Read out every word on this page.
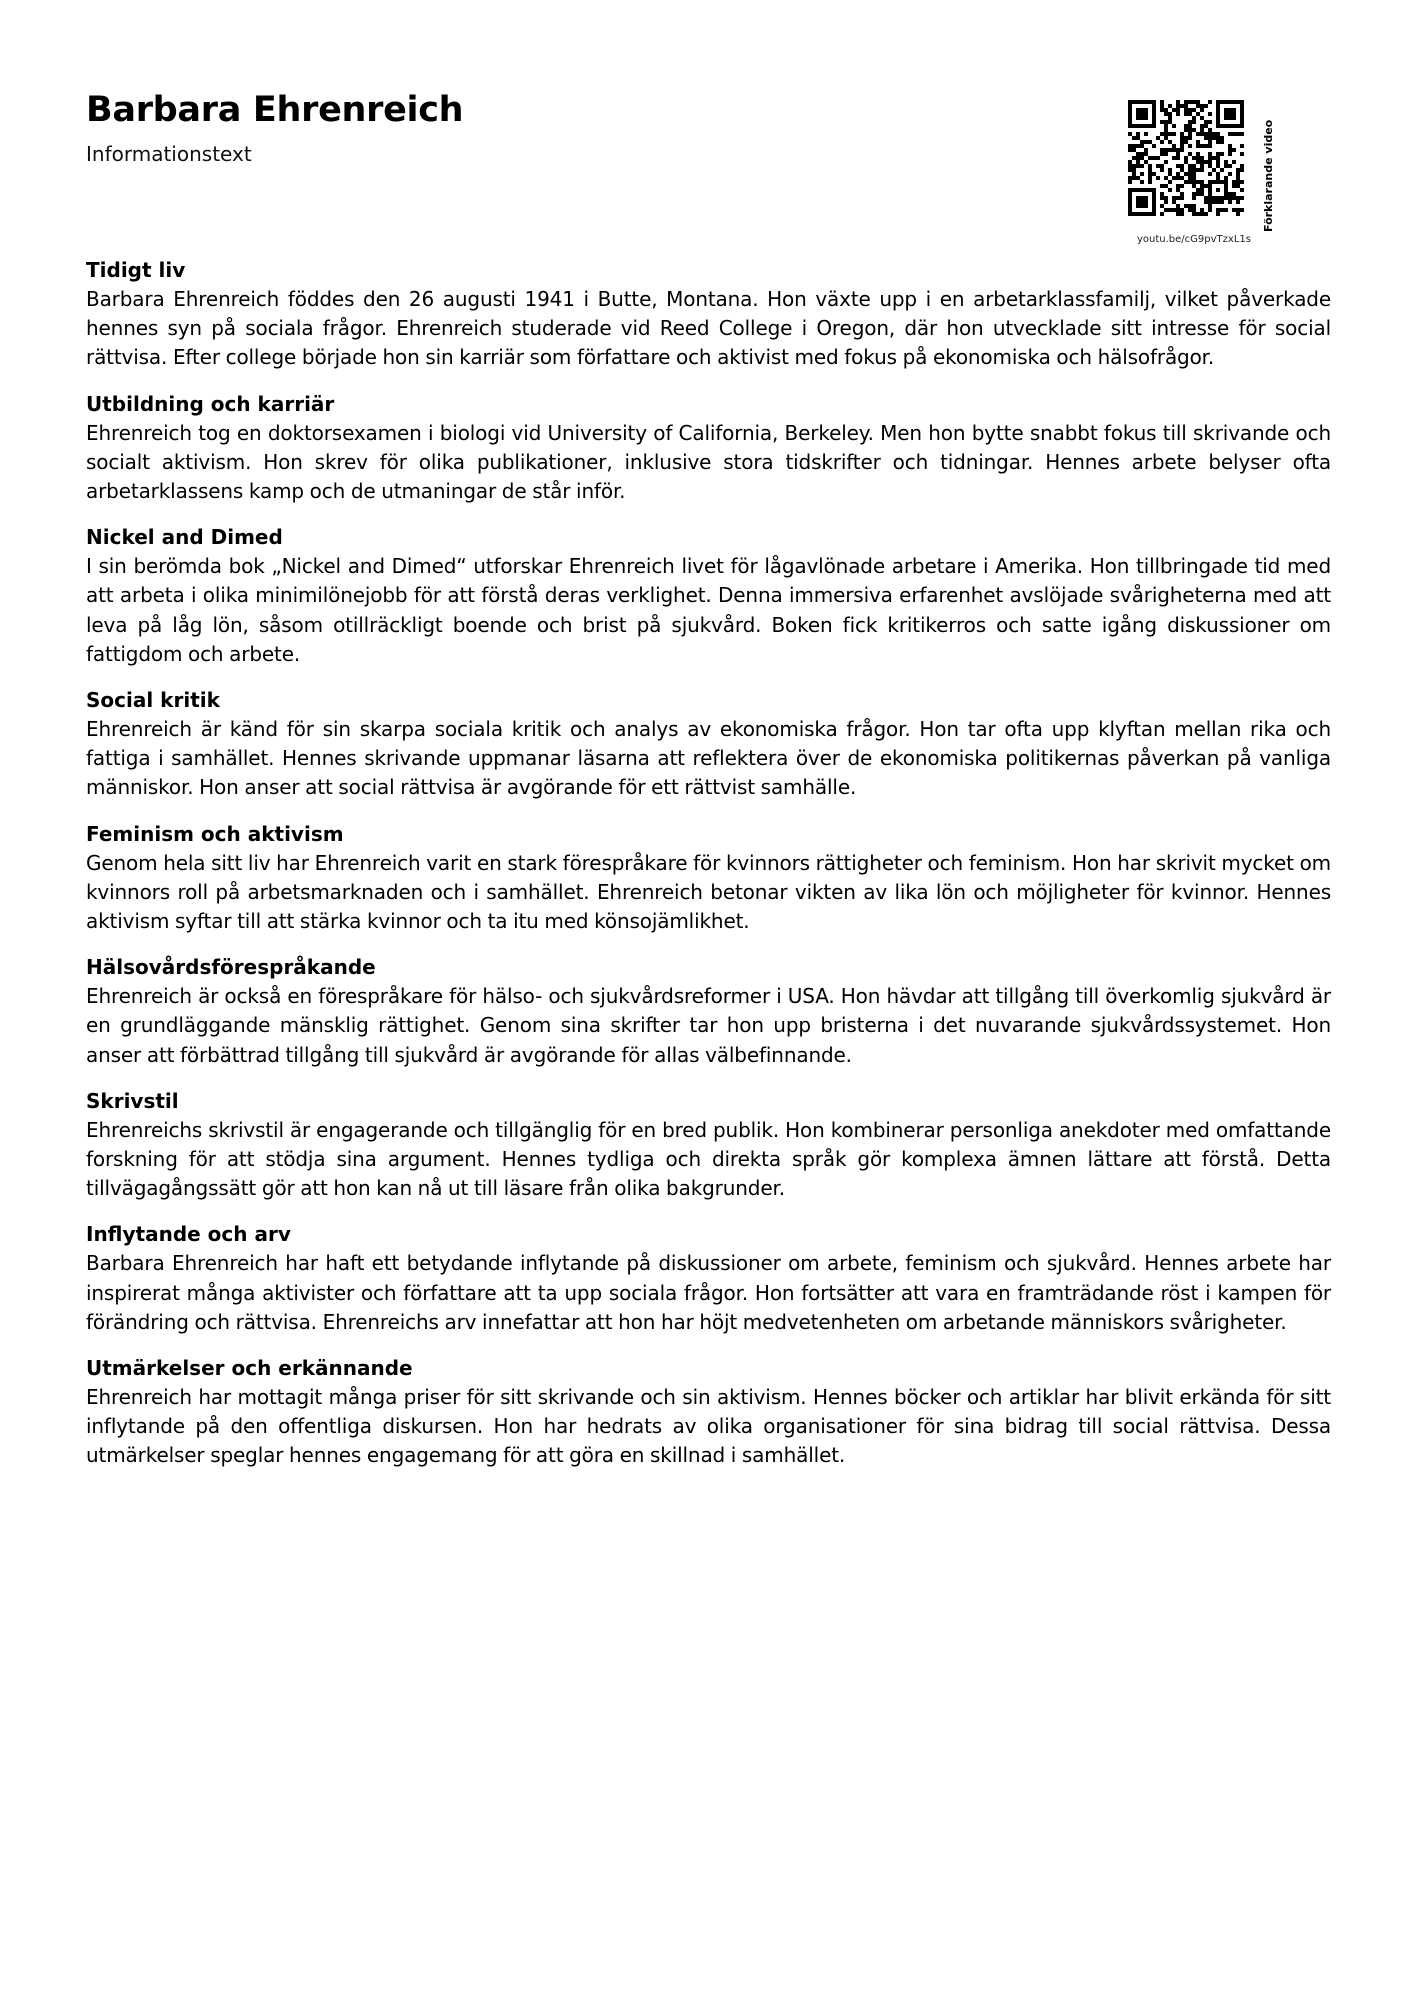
Barbara Ehrenreich
Informationstext
youtu.be/cG9pvTzxL1s
Förklarande video
Tidigt liv

Barbara Ehrenreich föddes den 26 augusti 1941 i Butte, Montana. Hon växte upp i en arbetarklassfamilj, vilket påverkade hennes syn på sociala frågor. Ehrenreich studerade vid Reed College i Oregon, där hon utvecklade sitt intresse för social rättvisa. Efter college började hon sin karriär som författare och aktivist med fokus på ekonomiska och hälsofrågor.

Utbildning och karriär

Ehrenreich tog en doktorsexamen i biologi vid University of California, Berkeley. Men hon bytte snabbt fokus till skrivande och socialt aktivism. Hon skrev för olika publikationer, inklusive stora tidskrifter och tidningar. Hennes arbete belyser ofta arbetarklassens kamp och de utmaningar de står inför.

Nickel and Dimed

I sin berömda bok „Nickel and Dimed“ utforskar Ehrenreich livet för lågavlönade arbetare i Amerika. Hon tillbringade tid med att arbeta i olika minimilönejobb för att förstå deras verklighet. Denna immersiva erfarenhet avslöjade svårigheterna med att leva på låg lön, såsom otillräckligt boende och brist på sjukvård. Boken fick kritikerros och satte igång diskussioner om fattigdom och arbete.

Social kritik

Ehrenreich är känd för sin skarpa sociala kritik och analys av ekonomiska frågor. Hon tar ofta upp klyftan mellan rika och fattiga i samhället. Hennes skrivande uppmanar läsarna att reflektera över de ekonomiska politikernas påverkan på vanliga människor. Hon anser att social rättvisa är avgörande för ett rättvist samhälle.

Feminism och aktivism

Genom hela sitt liv har Ehrenreich varit en stark förespråkare för kvinnors rättigheter och feminism. Hon har skrivit mycket om kvinnors roll på arbetsmarknaden och i samhället. Ehrenreich betonar vikten av lika lön och möjligheter för kvinnor. Hennes aktivism syftar till att stärka kvinnor och ta itu med könsojämlikhet.

Hälsovårdsförespråkande

Ehrenreich är också en förespråkare för hälso- och sjukvårdsreformer i USA. Hon hävdar att tillgång till överkomlig sjukvård är en grundläggande mänsklig rättighet. Genom sina skrifter tar hon upp bristerna i det nuvarande sjukvårdssystemet. Hon anser att förbättrad tillgång till sjukvård är avgörande för allas välbefinnande.

Skrivstil

Ehrenreichs skrivstil är engagerande och tillgänglig för en bred publik. Hon kombinerar personliga anekdoter med omfattande forskning för att stödja sina argument. Hennes tydliga och direkta språk gör komplexa ämnen lättare att förstå. Detta tillvägagångssätt gör att hon kan nå ut till läsare från olika bakgrunder.

Inflytande och arv

Barbara Ehrenreich har haft ett betydande inflytande på diskussioner om arbete, feminism och sjukvård. Hennes arbete har inspirerat många aktivister och författare att ta upp sociala frågor. Hon fortsätter att vara en framträdande röst i kampen för förändring och rättvisa. Ehrenreichs arv innefattar att hon har höjt medvetenheten om arbetande människors svårigheter.

Utmärkelser och erkännande

Ehrenreich har mottagit många priser för sitt skrivande och sin aktivism. Hennes böcker och artiklar har blivit erkända för sitt inflytande på den offentliga diskursen. Hon har hedrats av olika organisationer för sina bidrag till social rättvisa. Dessa utmärkelser speglar hennes engagemang för att göra en skillnad i samhället.
